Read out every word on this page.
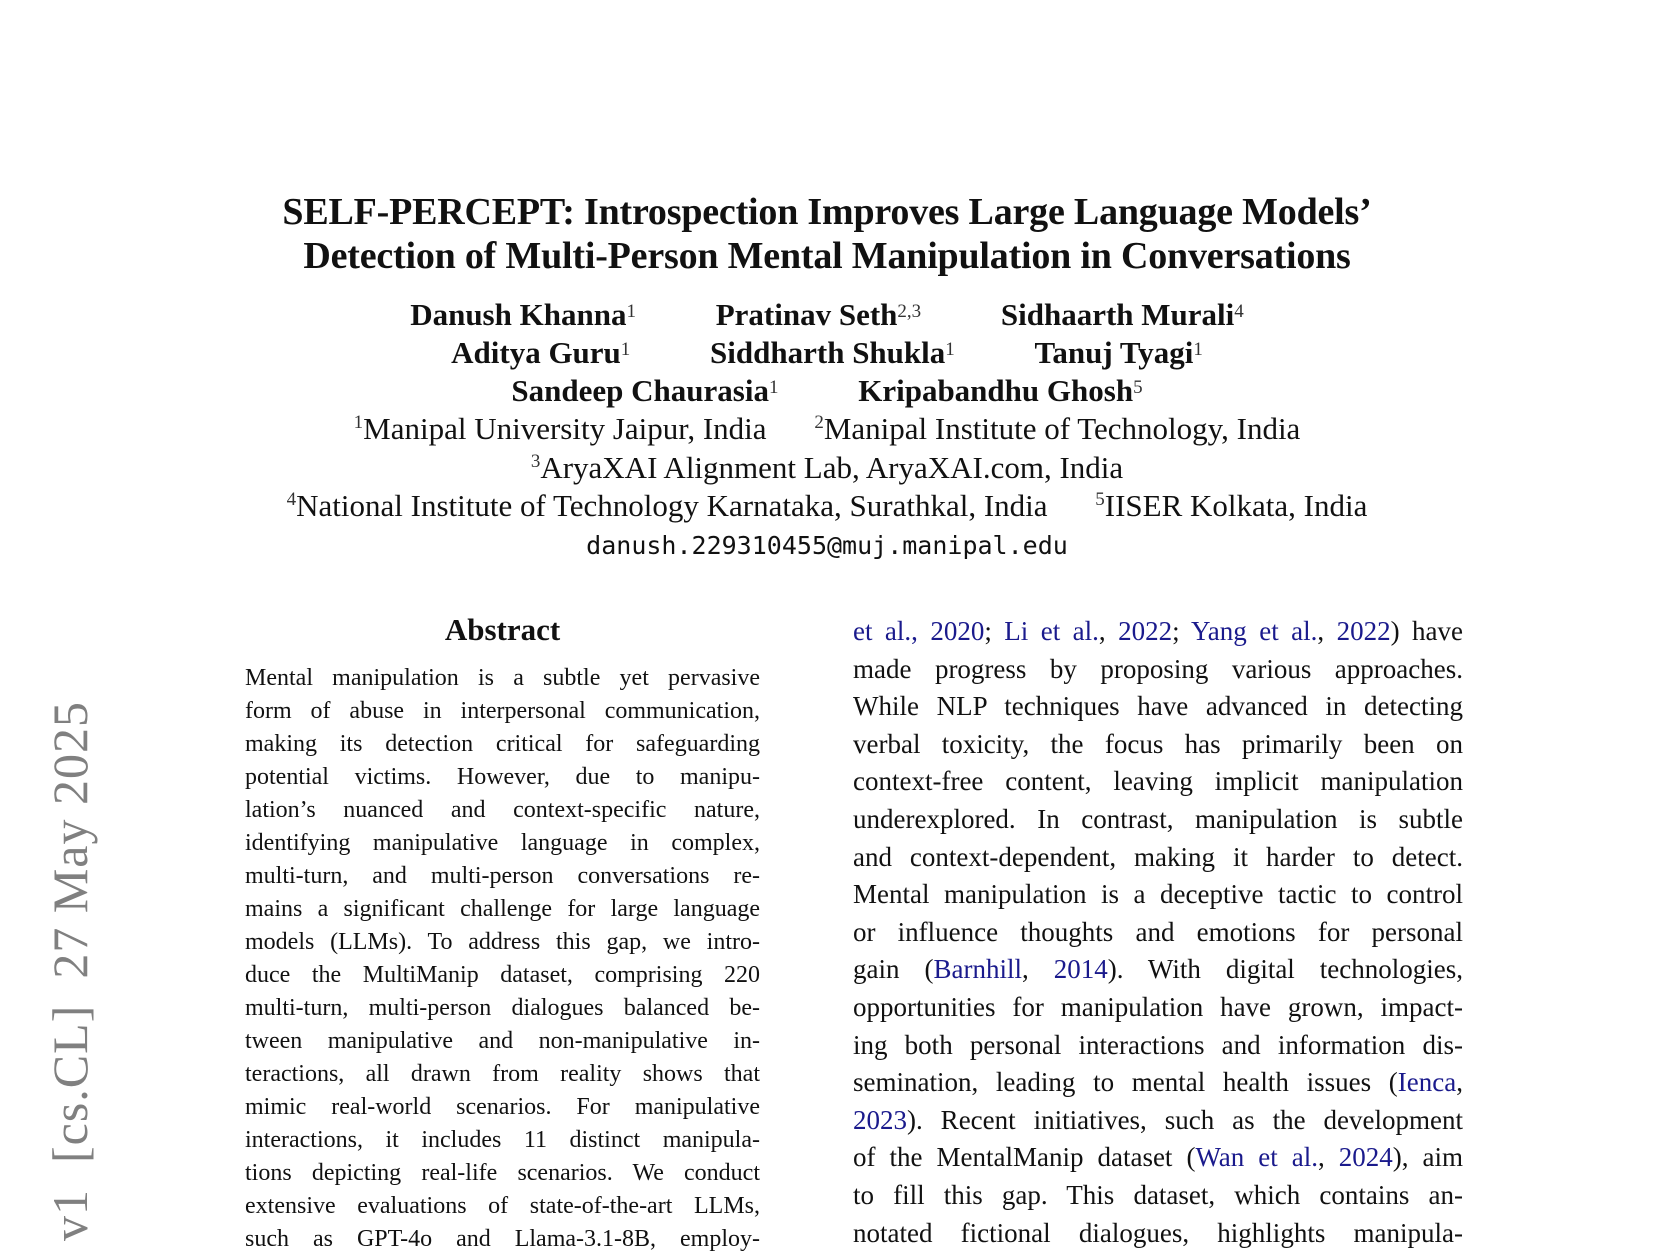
v1[cs.CL]27 May 2025
SELF-PERCEPT: Introspection Improves Large Language Models’
Detection of Multi-Person Mental Manipulation in Conversations
Danush Khanna$^1$	Pratinav Seth$^{2,3}$	Sidhaarth Murali$^4$
Aditya Guru$^1$	Siddharth Shukla$^1$	Tanuj Tyagi$^1$
Sandeep Chaurasia$^1$	Kripabandhu Ghosh$^5$
$^1$Manipal University Jaipur, India	$^2$Manipal Institute of Technology, India
$^3$AryaXAI Alignment Lab, AryaXAI.com, India
$^4$National Institute of Technology Karnataka, Surathkal, India	$^5$IISER Kolkata, India
danush.229310455@muj.manipal.edu
Abstract
Mental manipulation is a subtle yet pervasive
form of abuse in interpersonal communication,
making its detection critical for safeguarding
potential victims. However, due to manipu-
lation’s nuanced and context-specific nature,
identifying manipulative language in complex,
multi-turn, and multi-person conversations re-
mains a significant challenge for large language
models (LLMs). To address this gap, we intro-
duce the MultiManip dataset, comprising 220
multi-turn, multi-person dialogues balanced be-
tween manipulative and non-manipulative in-
teractions, all drawn from reality shows that
mimic real-world scenarios. For manipulative
interactions, it includes 11 distinct manipula-
tions depicting real-life scenarios. We conduct
extensive evaluations of state-of-the-art LLMs,
such as GPT-4o and Llama-3.1-8B, employ-
et al., 2020; Li et al., 2022; Yang et al., 2022) have
made progress by proposing various approaches.
While NLP techniques have advanced in detecting
verbal toxicity, the focus has primarily been on
context-free content, leaving implicit manipulation
underexplored. In contrast, manipulation is subtle
and context-dependent, making it harder to detect.
Mental manipulation is a deceptive tactic to control
or influence thoughts and emotions for personal
gain (Barnhill, 2014). With digital technologies,
opportunities for manipulation have grown, impact-
ing both personal interactions and information dis-
semination, leading to mental health issues (Ienca,
2023). Recent initiatives, such as the development
of the MentalManip dataset (Wan et al., 2024), aim
to fill this gap. This dataset, which contains an-
notated fictional dialogues, highlights manipula-
